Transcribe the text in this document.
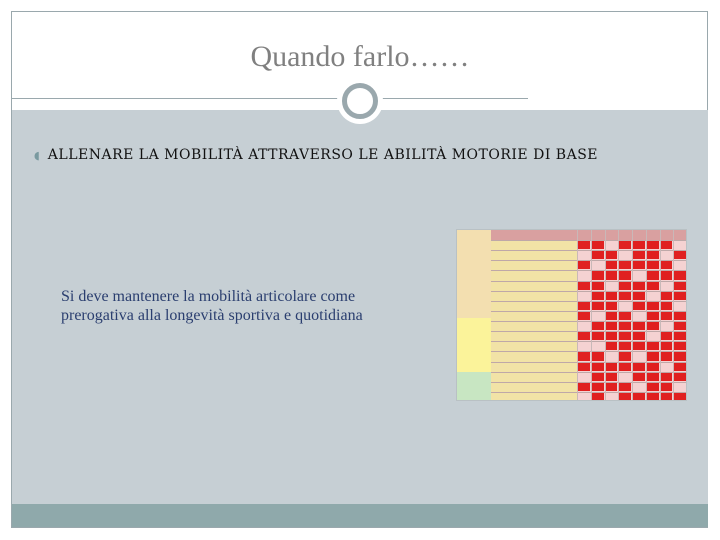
Quando farlo……
◖ ALLENARE LA MOBILITÀ ATTRAVERSO LE ABILITÀ MOTORIE DI BASE
Si deve mantenere la mobilità articolare come prerogativa alla longevità sportiva e quotidiana
